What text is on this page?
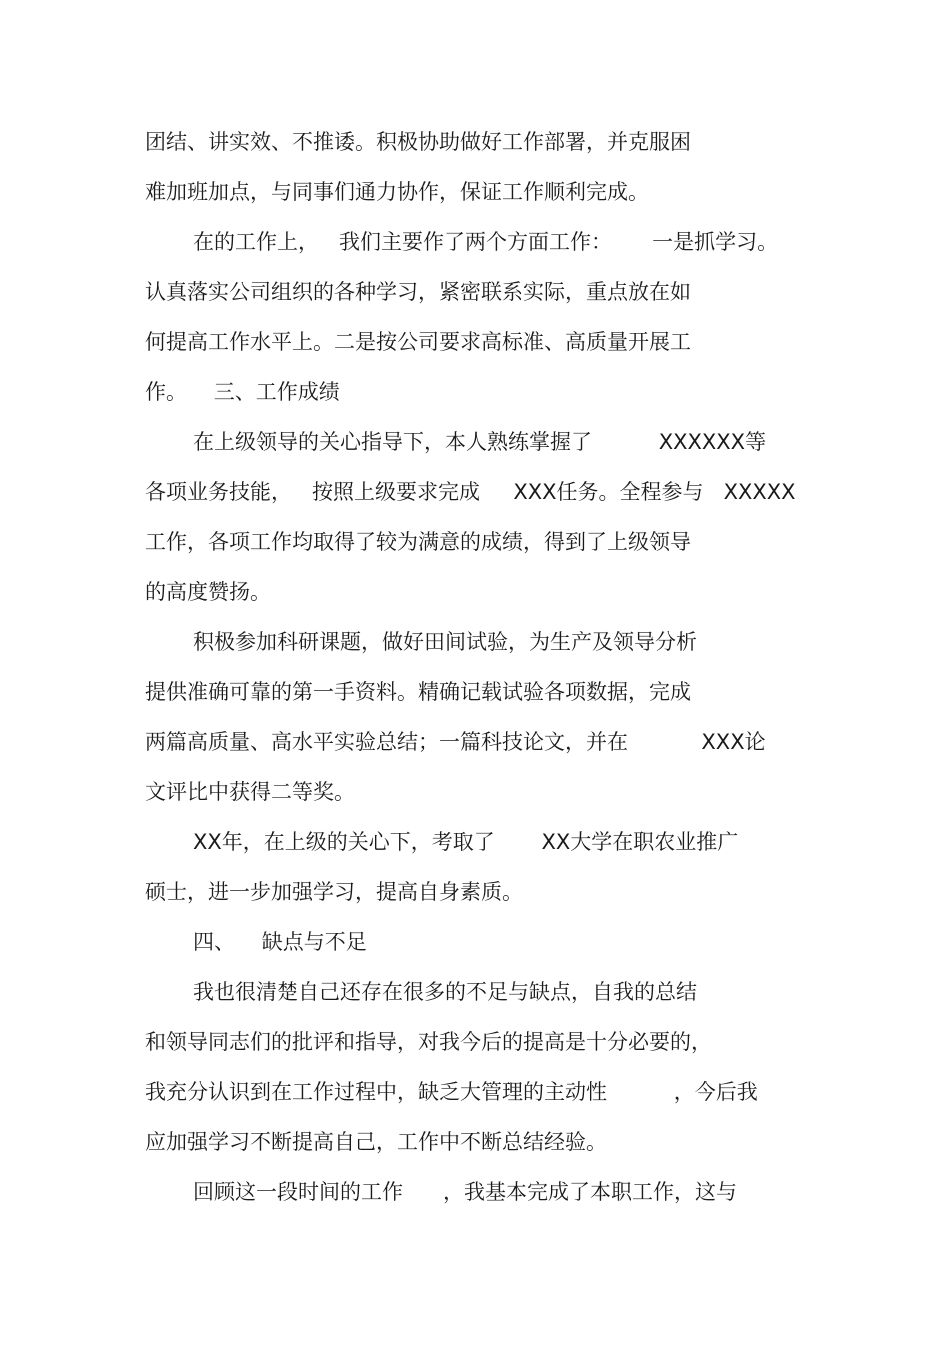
团结、讲实效、不推诿。积极协助做好工作部署，并克服困

难加班加点，与同事们通力协作，保证工作顺利完成。

在的工作上，   我们主要作了两个方面工作：      一是抓学习。

认真落实公司组织的各种学习，紧密联系实际，重点放在如

何提高工作水平上。二是按公司要求高标准、高质量开展工

作。    三、工作成绩

在上级领导的关心指导下，本人熟练掌握了          XXXXXX等

各项业务技能，   按照上级要求完成     XXX任务。全程参与   XXXXX

工作，各项工作均取得了较为满意的成绩，得到了上级领导

的高度赞扬。

积极参加科研课题，做好田间试验，为生产及领导分析

提供准确可靠的第一手资料。精确记载试验各项数据，完成

两篇高质量、高水平实验总结；一篇科技论文，并在           XXX论

文评比中获得二等奖。

XX年，在上级的关心下，考取了       XX大学在职农业推广

硕士，进一步加强学习，提高自身素质。

四、    缺点与不足

我也很清楚自己还存在很多的不足与缺点，自我的总结

和领导同志们的批评和指导，对我今后的提高是十分必要的，

我充分认识到在工作过程中，缺乏大管理的主动性          ，今后我

应加强学习不断提高自己，工作中不断总结经验。

回顾这一段时间的工作      ，我基本完成了本职工作，这与
